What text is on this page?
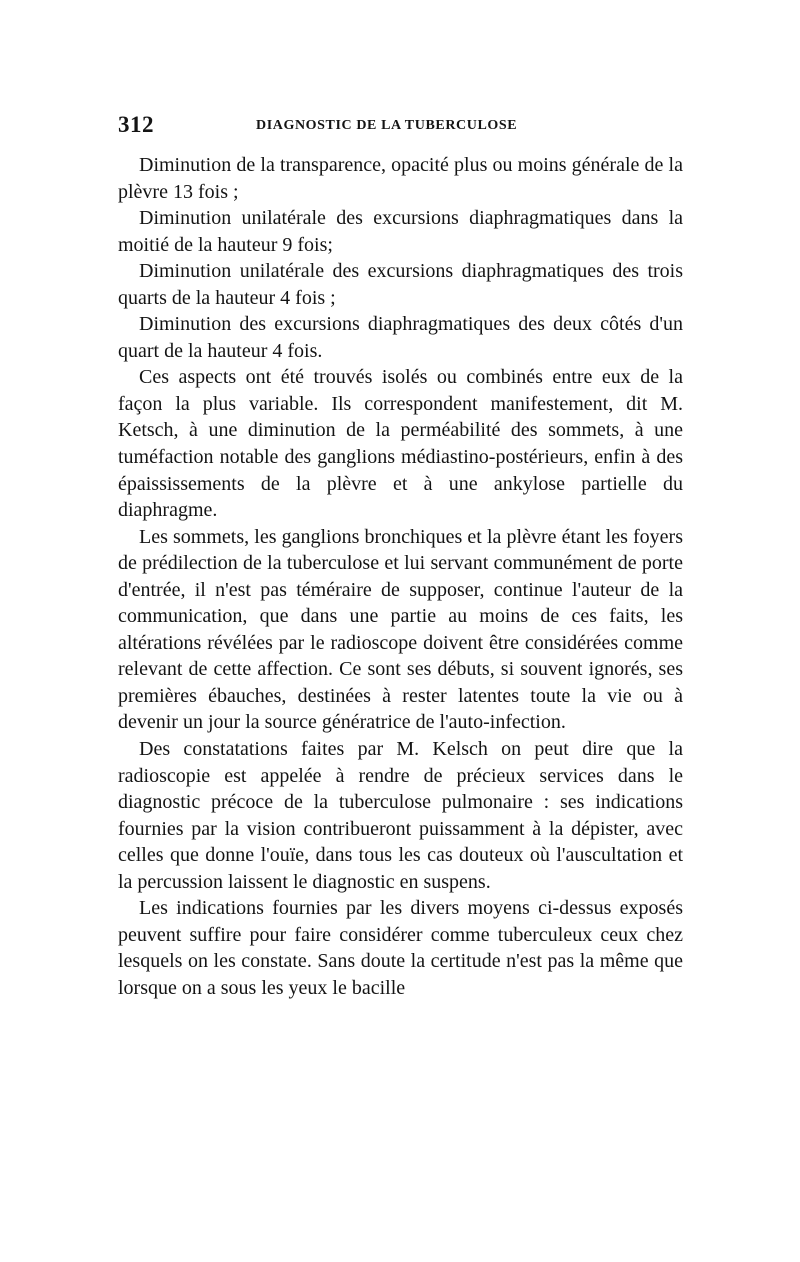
312	DIAGNOSTIC DE LA TUBERCULOSE

Diminution de la transparence, opacité plus ou moins générale de la plèvre 13 fois ;

Diminution unilatérale des excursions diaphragmatiques dans la moitié de la hauteur 9 fois;

Diminution unilatérale des excursions diaphragmatiques des trois quarts de la hauteur 4 fois ;

Diminution des excursions diaphragmatiques des deux côtés d'un quart de la hauteur 4 fois.

Ces aspects ont été trouvés isolés ou combinés entre eux de la façon la plus variable. Ils correspondent manifestement, dit M. Ketsch, à une diminution de la perméabilité des sommets, à une tuméfaction notable des ganglions médiastino-postérieurs, enfin à des épaississements de la plèvre et à une ankylose partielle du diaphragme.

Les sommets, les ganglions bronchiques et la plèvre étant les foyers de prédilection de la tuberculose et lui servant communément de porte d'entrée, il n'est pas téméraire de supposer, continue l'auteur de la communication, que dans une partie au moins de ces faits, les altérations révélées par le radioscope doivent être considérées comme relevant de cette affection. Ce sont ses débuts, si souvent ignorés, ses premières ébauches, destinées à rester latentes toute la vie ou à devenir un jour la source génératrice de l'auto-infection.

Des constatations faites par M. Kelsch on peut dire que la radioscopie est appelée à rendre de précieux services dans le diagnostic précoce de la tuberculose pulmonaire : ses indications fournies par la vision contribueront puissamment à la dépister, avec celles que donne l'ouïe, dans tous les cas douteux où l'auscultation et la percussion laissent le diagnostic en suspens.

Les indications fournies par les divers moyens ci-dessus exposés peuvent suffire pour faire considérer comme tuberculeux ceux chez lesquels on les constate. Sans doute la certitude n'est pas la même que lorsque on a sous les yeux le bacille
